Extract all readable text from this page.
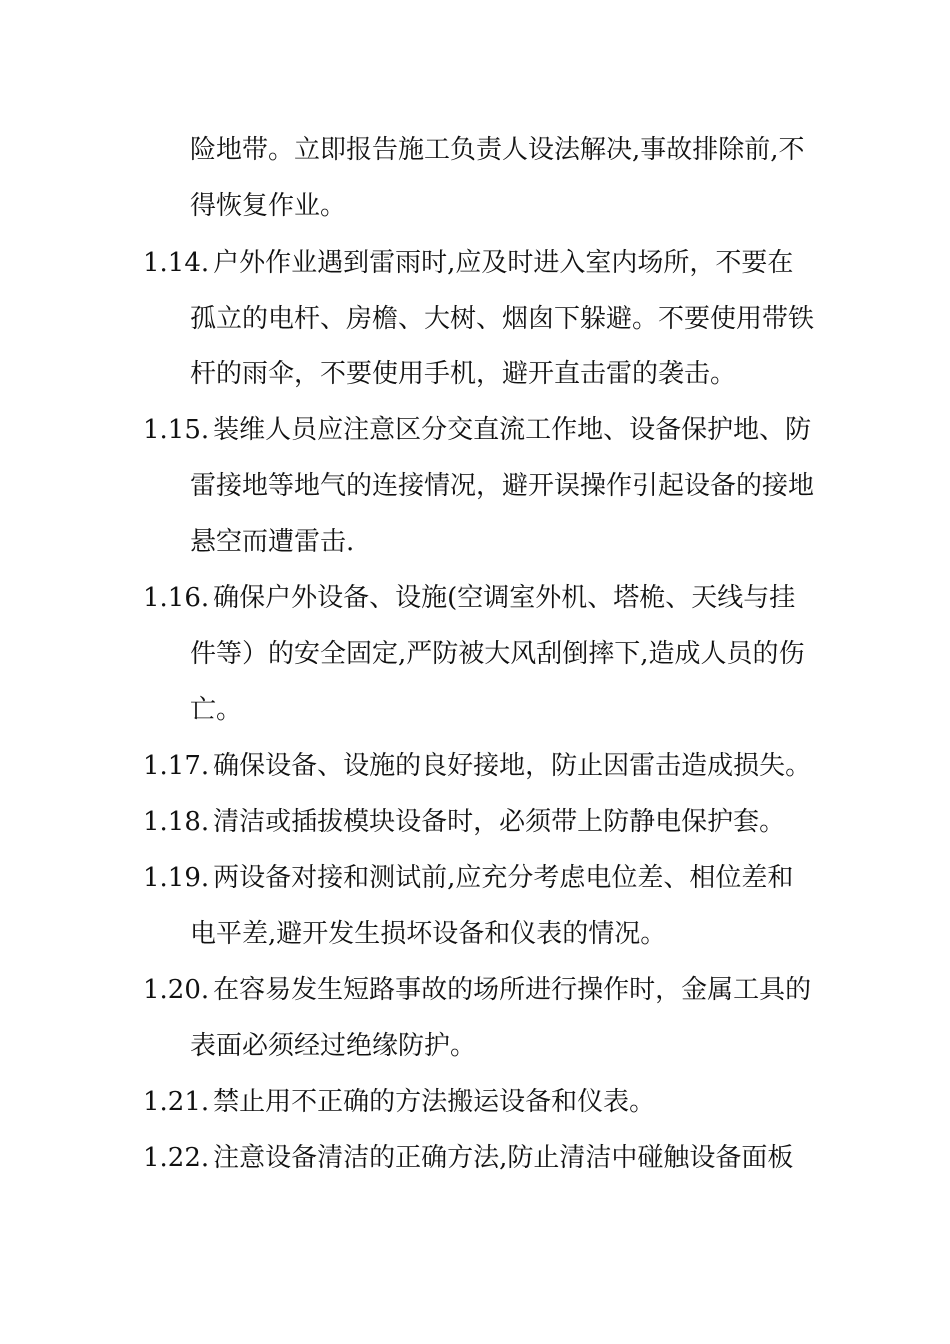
险地带。立即报告施工负责人设法解决,事故排除前,不
得恢复作业。
1.14. 户外作业遇到雷雨时,应及时进入室内场所，不要在
孤立的电杆、房檐、大树、烟囱下躲避。不要使用带铁
杆的雨伞，不要使用手机，避开直击雷的袭击。
1.15. 装维人员应注意区分交直流工作地、设备保护地、防
雷接地等地气的连接情况，避开误操作引起设备的接地
悬空而遭雷击.
1.16. 确保户外设备、设施(空调室外机、塔桅、天线与挂
件等）的安全固定,严防被大风刮倒摔下,造成人员的伤
亡。
1.17. 确保设备、设施的良好接地，防止因雷击造成损失。
1.18. 清洁或插拔模块设备时，必须带上防静电保护套。
1.19. 两设备对接和测试前,应充分考虑电位差、相位差和
电平差,避开发生损坏设备和仪表的情况。
1.20. 在容易发生短路事故的场所进行操作时，金属工具的
表面必须经过绝缘防护。
1.21. 禁止用不正确的方法搬运设备和仪表。
1.22. 注意设备清洁的正确方法,防止清洁中碰触设备面板
